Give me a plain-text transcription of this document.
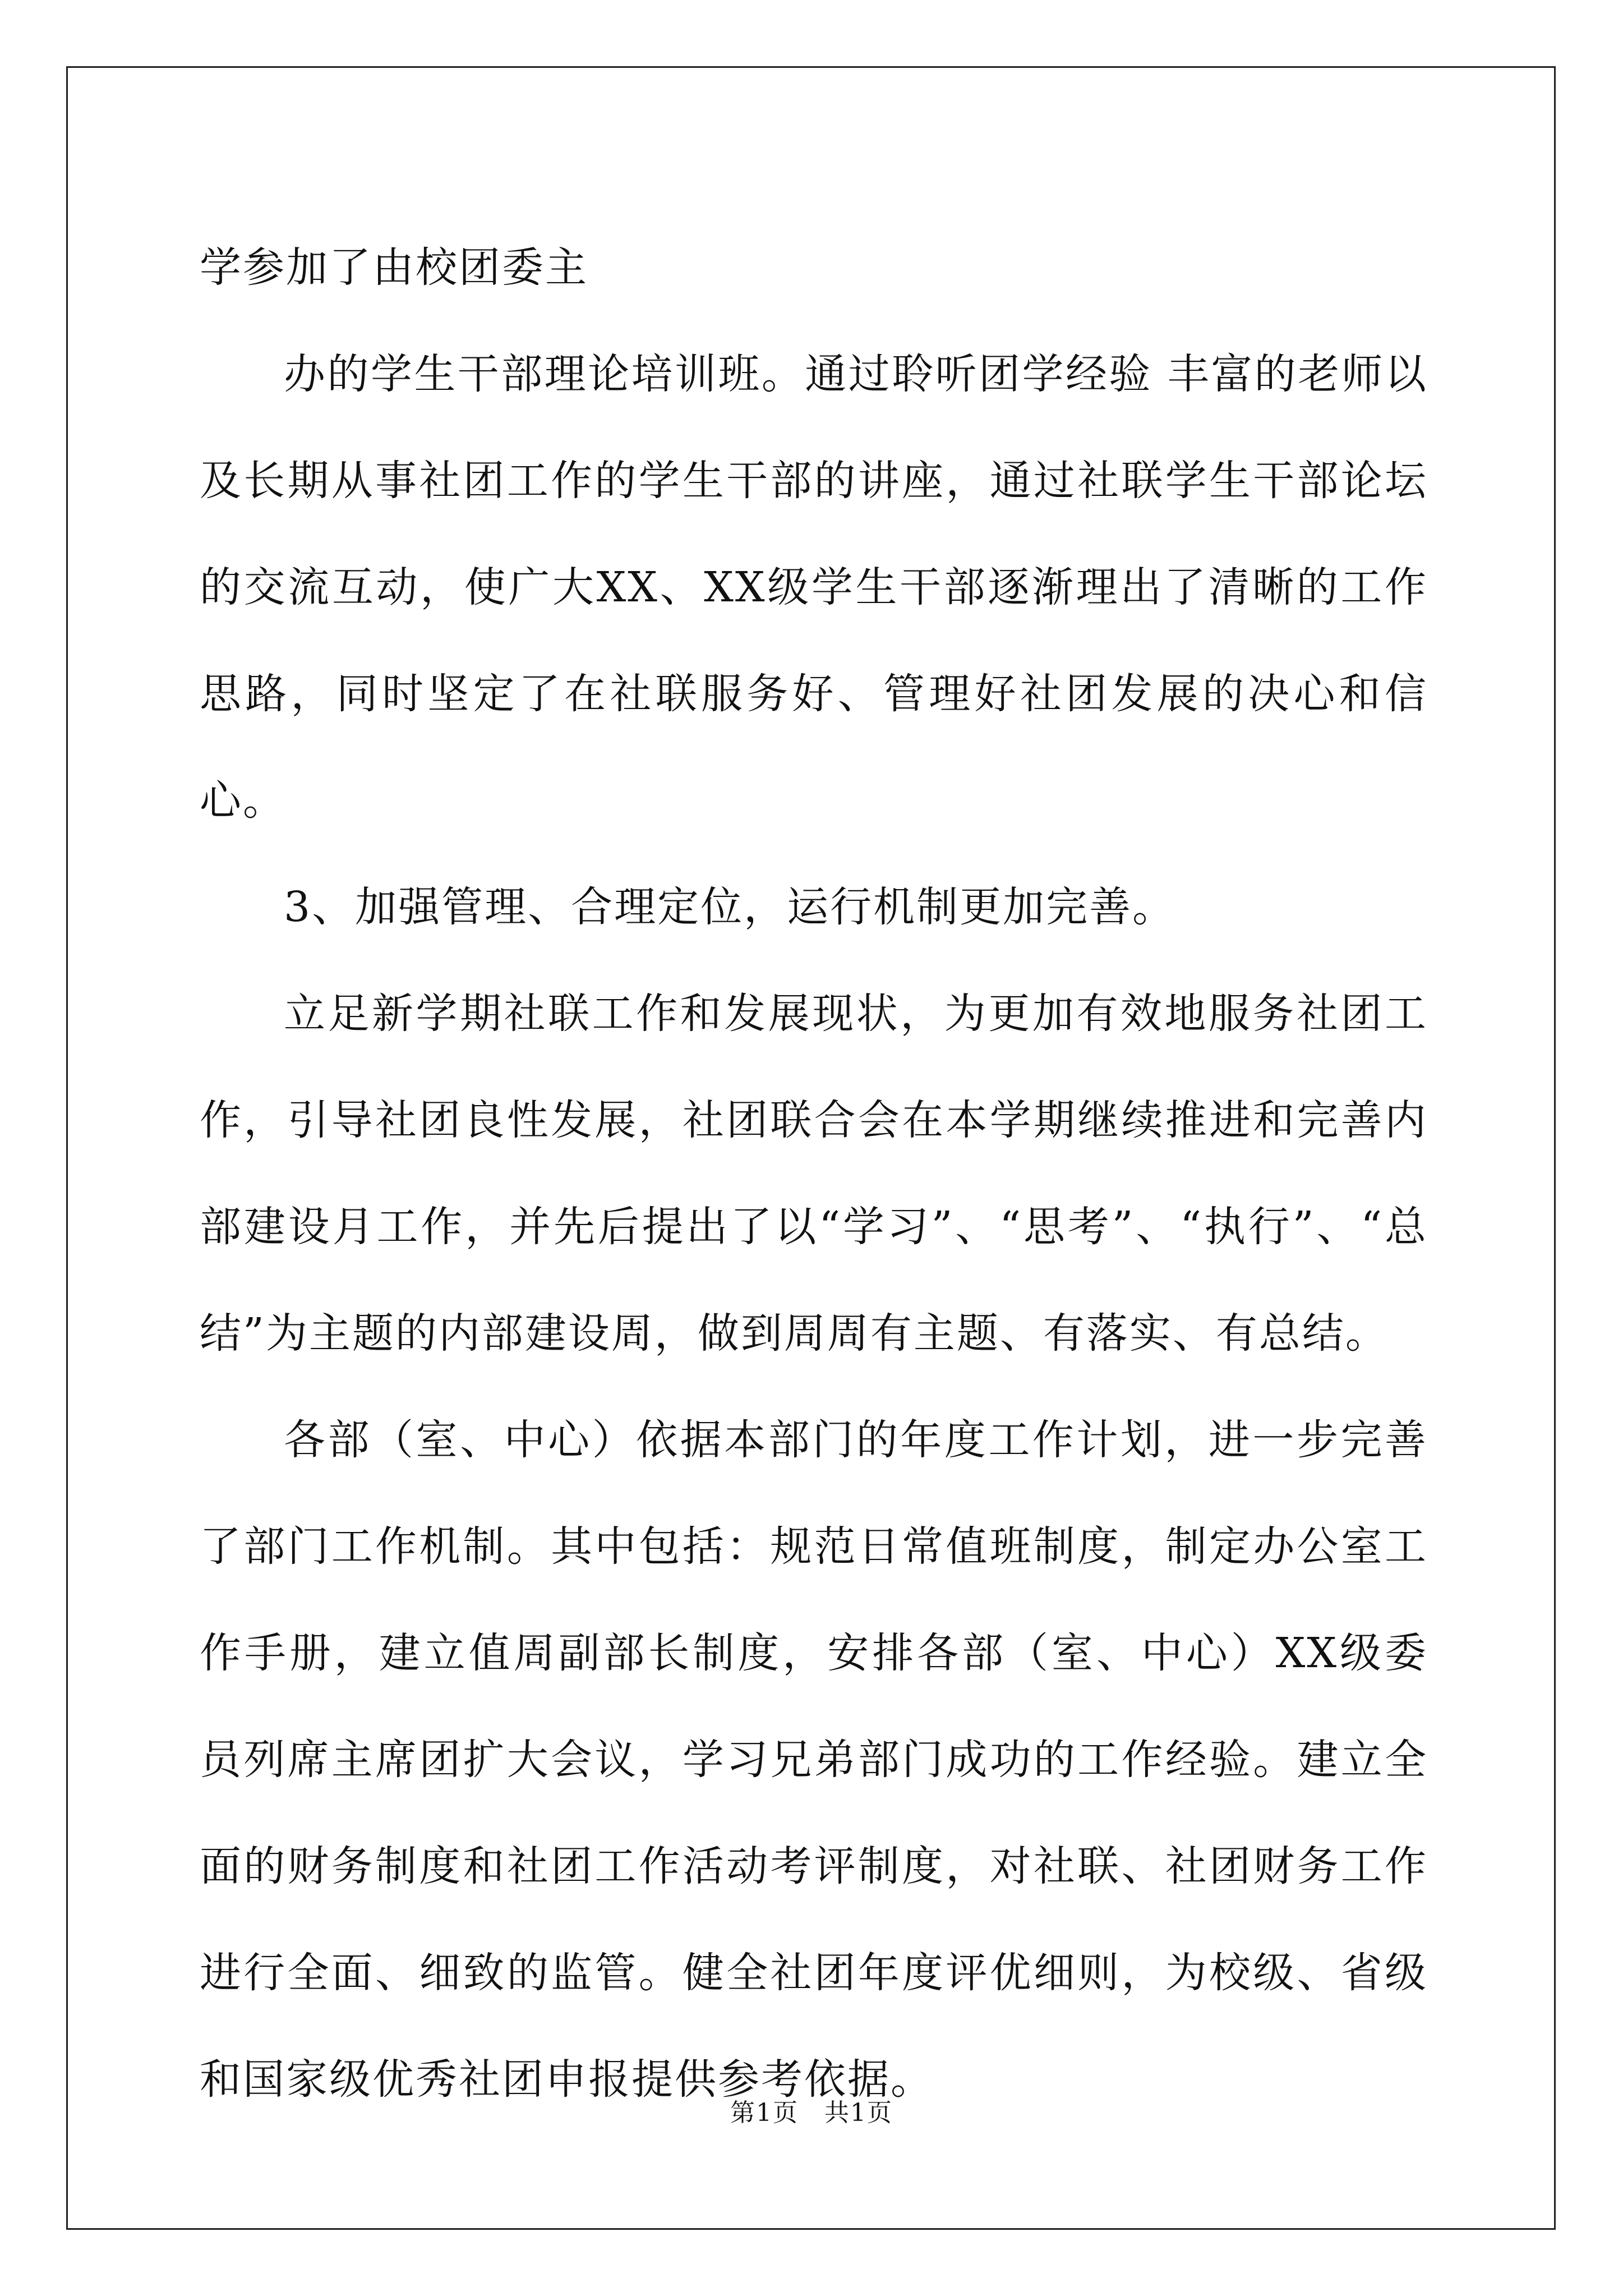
学参加了由校团委主

办的学生干部理论培训班。通过聆听团学经验 丰富的老师以及长期从事社团工作的学生干部的讲座，通过社联学生干部论坛的交流互动，使广大XX、XX级学生干部逐渐理出了清晰的工作思路，同时坚定了在社联服务好、管理好社团发展的决心和信心。

3、加强管理、合理定位，运行机制更加完善。

立足新学期社联工作和发展现状，为更加有效地服务社团工作，引导社团良性发展，社团联合会在本学期继续推进和完善内部建设月工作，并先后提出了以“学习”、“思考”、“执行”、“总结”为主题的内部建设周，做到周周有主题、有落实、有总结。

各部（室、中心）依据本部门的年度工作计划，进一步完善了部门工作机制。其中包括：规范日常值班制度，制定办公室工作手册，建立值周副部长制度，安排各部（室、中心）XX级委员列席主席团扩大会议，学习兄弟部门成功的工作经验。建立全面的财务制度和社团工作活动考评制度，对社联、社团财务工作进行全面、细致的监管。健全社团年度评优细则，为校级、省级和国家级优秀社团申报提供参考依据。

第1页　共1页
